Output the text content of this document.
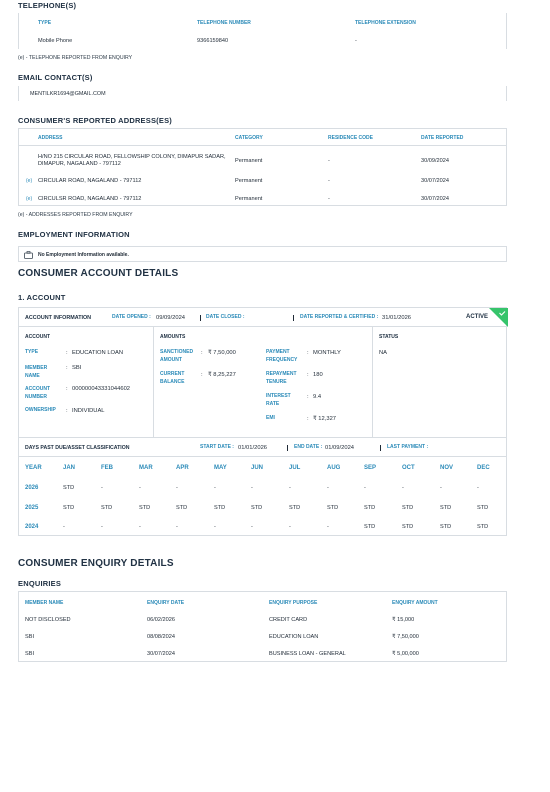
TELEPHONE(S)
TYPE	TELEPHONE NUMBER	TELEPHONE EXTENSION
Mobile Phone	9366159840	-
(e) - TELEPHONE REPORTED FROM ENQUIRY
EMAIL CONTACT(S)
MENTILKR1694@GMAIL.COM
CONSUMER'S REPORTED ADDRESS(ES)
ADDRESS	CATEGORY	RESIDENCE CODE	DATE REPORTED
H/NO 215 CIRCULAR ROAD, FELLOWSHIP COLONY, DIMAPUR SADAR, DIMAPUR, NAGALAND - 797112	Permanent	-	30/09/2024
(e) CIRCULAR ROAD, NAGALAND - 797112	Permanent	-	30/07/2024
(e) CIRCULSR ROAD, NAGALAND - 797112	Permanent	-	30/07/2024
(e) - ADDRESSES REPORTED FROM ENQUIRY
EMPLOYMENT INFORMATION
No Employment Information available.
CONSUMER ACCOUNT DETAILS
1. ACCOUNT
ACCOUNT INFORMATION	DATE OPENED : 09/09/2024	DATE CLOSED :	DATE REPORTED & CERTIFIED : 31/01/2026	ACTIVE
ACCOUNT
TYPE	: EDUCATION LOAN
MEMBER NAME
: SBI
ACCOUNT NUMBER
: 000000043331044602
OWNERSHIP	: INDIVIDUAL
AMOUNTS
SANCTIONED AMOUNT
: ₹ 7,50,000
CURRENT BALANCE
: ₹ 8,25,227
PAYMENT FREQUENCY
: MONTHLY
REPAYMENT TENURE
: 180
INTEREST RATE
: 9.4
EMI	: ₹ 12,327
STATUS
NA
DAYS PAST DUE/ASSET CLASSIFICATION	START DATE : 01/01/2026	END DATE : 01/09/2024	LAST PAYMENT :
YEAR	JAN	FEB	MAR	APR	MAY	JUN	JUL	AUG	SEP	OCT	NOV	DEC
2026	STD	-	-	-	-	-	-	-	-	-	-	-
2025	STD	STD	STD	STD	STD	STD	STD	STD	STD	STD	STD	STD
2024	-	-	-	-	-	-	-	-	STD	STD	STD	STD
CONSUMER ENQUIRY DETAILS
ENQUIRIES
MEMBER NAME	ENQUIRY DATE	ENQUIRY PURPOSE	ENQUIRY AMOUNT
NOT DISCLOSED	06/02/2026	CREDIT CARD	₹ 15,000
SBI	08/08/2024	EDUCATION LOAN	₹ 7,50,000
SBI	30/07/2024	BUSINESS LOAN - GENERAL	₹ 5,00,000
